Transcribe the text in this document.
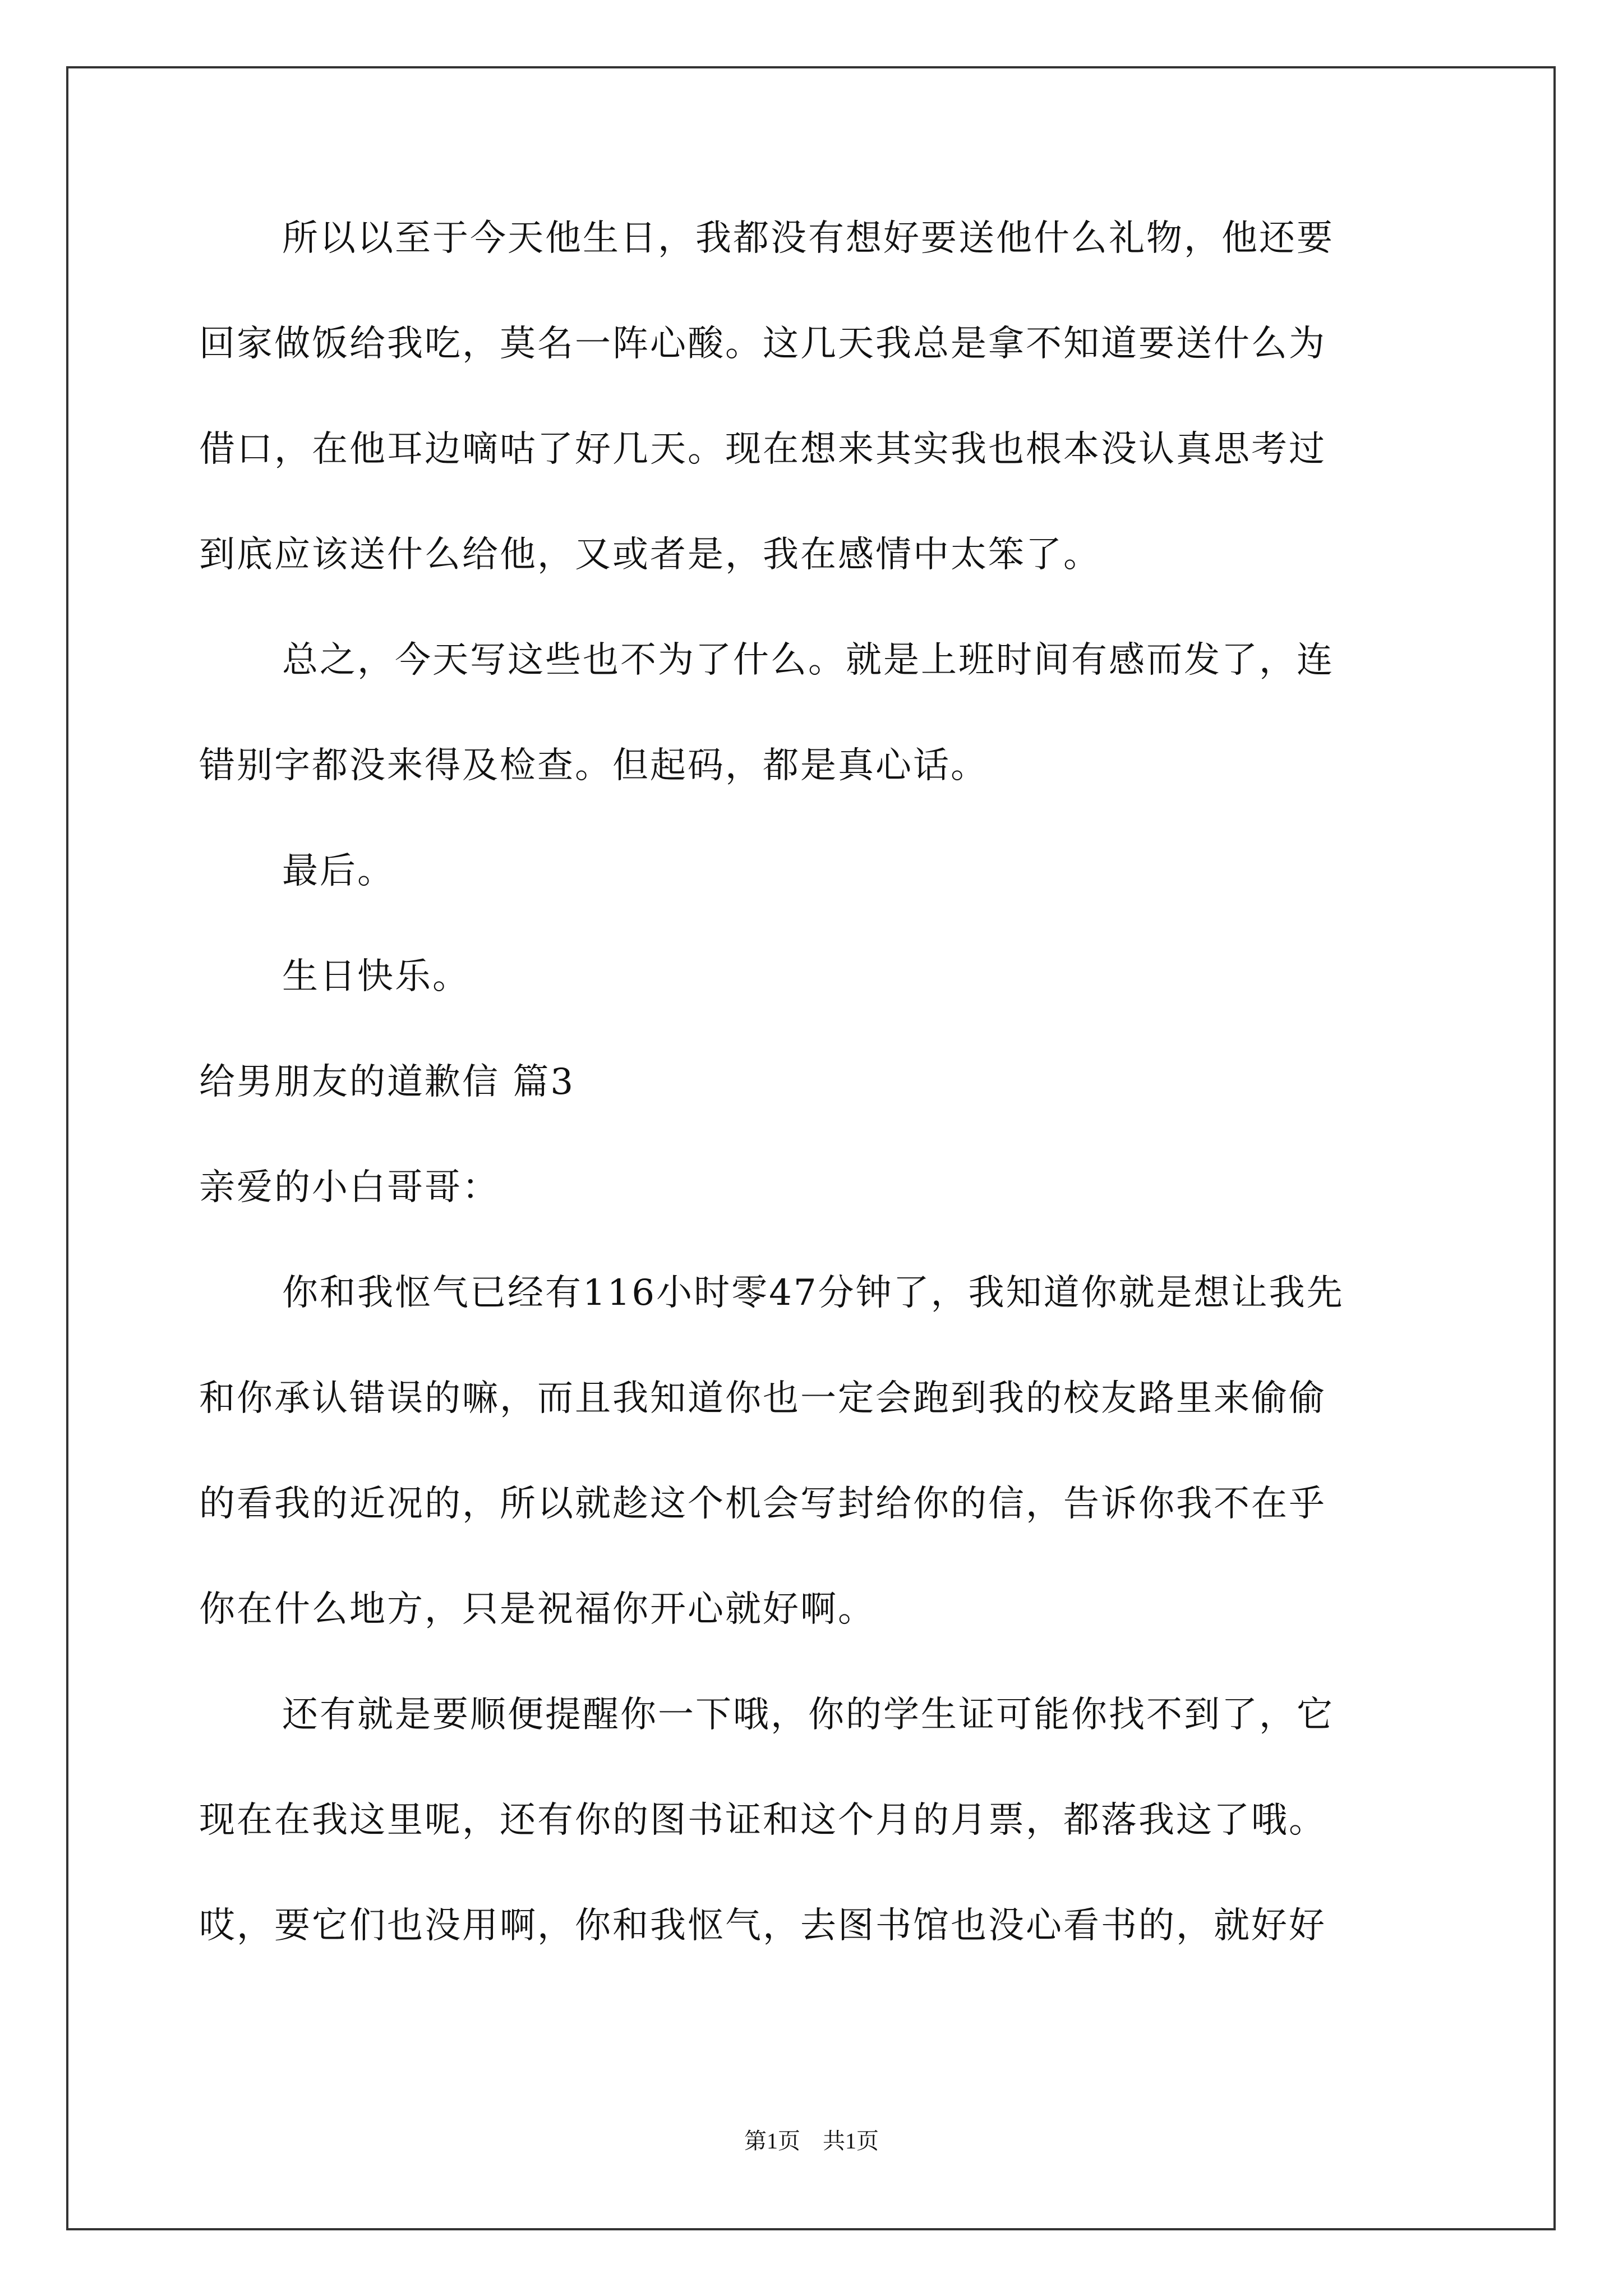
所以以至于今天他生日，我都没有想好要送他什么礼物，他还要
回家做饭给我吃，莫名一阵心酸。这几天我总是拿不知道要送什么为
借口，在他耳边嘀咕了好几天。现在想来其实我也根本没认真思考过
到底应该送什么给他，又或者是，我在感情中太笨了。
总之，今天写这些也不为了什么。就是上班时间有感而发了，连
错别字都没来得及检查。但起码，都是真心话。
最后。
生日快乐。
给男朋友的道歉信 篇3
亲爱的小白哥哥：
你和我怄气已经有116小时零47分钟了，我知道你就是想让我先
和你承认错误的嘛，而且我知道你也一定会跑到我的校友路里来偷偷
的看我的近况的，所以就趁这个机会写封给你的信，告诉你我不在乎
你在什么地方，只是祝福你开心就好啊。
还有就是要顺便提醒你一下哦，你的学生证可能你找不到了，它
现在在我这里呢，还有你的图书证和这个月的月票，都落我这了哦。
哎，要它们也没用啊，你和我怄气，去图书馆也没心看书的，就好好
第1页　共1页
